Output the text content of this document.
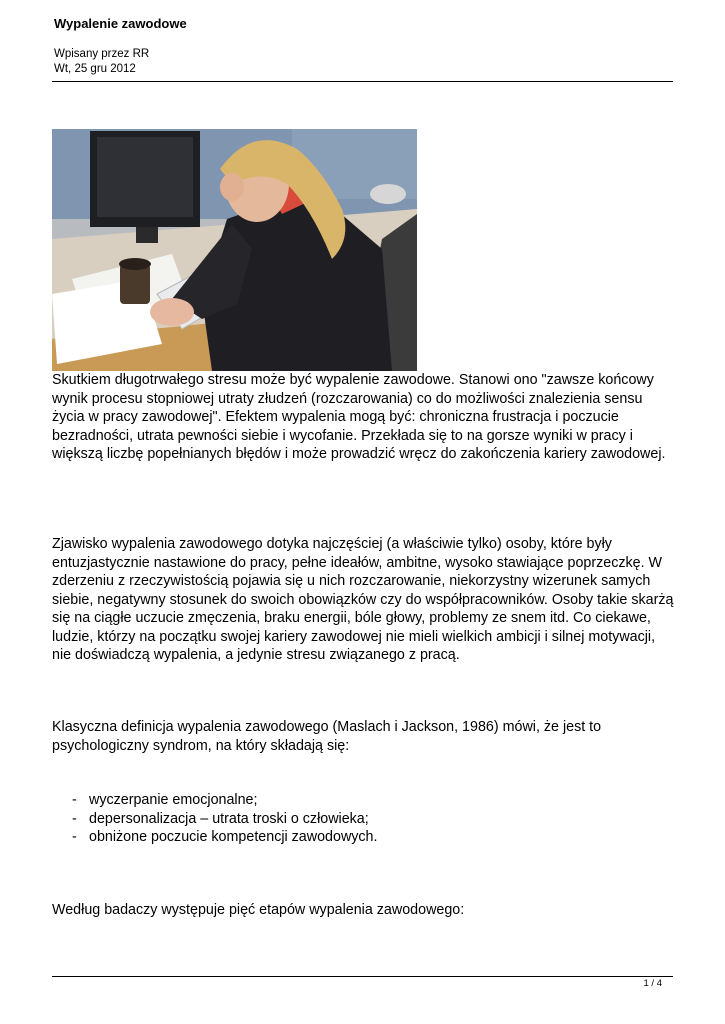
Wypalenie zawodowe
Wpisany przez RR
Wt, 25 gru 2012

Skutkiem długotrwałego stresu może być wypalenie zawodowe. Stanowi ono "zawsze końcowy wynik procesu stopniowej utraty złudzeń (rozczarowania) co do możliwości znalezienia sensu życia w pracy zawodowej". Efektem wypalenia mogą być: chroniczna frustracja i poczucie bezradności, utrata pewności siebie i wycofanie. Przekłada się to na gorsze wyniki w pracy i większą liczbę popełnianych błędów i może prowadzić wręcz do zakończenia kariery zawodowej.

Zjawisko wypalenia zawodowego dotyka najczęściej (a właściwie tylko) osoby, które były entuzjastycznie nastawione do pracy, pełne ideałów, ambitne, wysoko stawiające poprzeczkę. W zderzeniu z rzeczywistością pojawia się u nich rozczarowanie, niekorzystny wizerunek samych siebie, negatywny stosunek do swoich obowiązków czy do współpracowników. Osoby takie skarżą się na ciągłe uczucie zmęczenia, braku energii, bóle głowy, problemy ze snem itd. Co ciekawe, ludzie, którzy na początku swojej kariery zawodowej nie mieli wielkich ambicji i silnej motywacji, nie doświadczą wypalenia, a jedynie stresu związanego z pracą.

Klasyczna definicja wypalenia zawodowego (Maslach i Jackson, 1986) mówi, że jest to psychologiczny syndrom, na który składają się:

- wyczerpanie emocjonalne;
- depersonalizacja – utrata troski o człowieka;
- obniżone poczucie kompetencji zawodowych.

Według badaczy występuje pięć etapów wypalenia zawodowego:

1 / 4
